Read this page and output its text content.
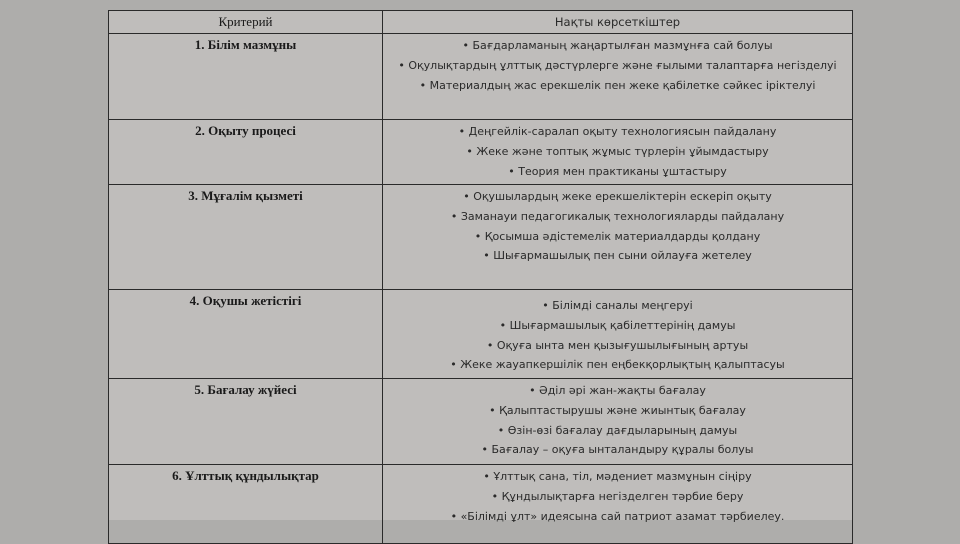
Критерий	Нақты көрсеткіштер
1. Білім мазмұны	• Бағдарламаның жаңартылған мазмұнға сай болуы
• Оқулықтардың ұлттық дәстүрлерге және ғылыми талаптарға негізделуі
• Материалдың жас ерекшелік пен жеке қабілетке сәйкес іріктелуі

2. Оқыту процесі	• Деңгейлік-саралап оқыту технологиясын пайдалану
• Жеке және топтық жұмыс түрлерін ұйымдастыру
• Теория мен практиканы ұштастыру

3. Мұғалім қызметі	• Оқушылардың жеке ерекшеліктерін ескеріп оқыту
• Заманауи педагогикалық технологияларды пайдалану
• Қосымша әдістемелік материалдарды қолдану
• Шығармашылық пен сыни ойлауға жетелеу

4. Оқушы жетістігі	• Білімді саналы меңгеруі
• Шығармашылық қабілеттерінің дамуы
• Оқуға ынта мен қызығушылығының артуы
• Жеке жауапкершілік пен еңбекқорлықтың қалыптасуы

5. Бағалау жүйесі	• Әділ әрі жан-жақты бағалау
• Қалыптастырушы және жиынтық бағалау
• Өзін-өзі бағалау дағдыларының дамуы
• Бағалау – оқуға ынталандыру құралы болуы

6. Ұлттық құндылықтар	• Ұлттық сана, тіл, мәдениет мазмұнын сіңіру
• Құндылықтарға негізделген тәрбие беру
• «Білімді ұлт» идеясына сай патриот азамат тәрбиелеу.
